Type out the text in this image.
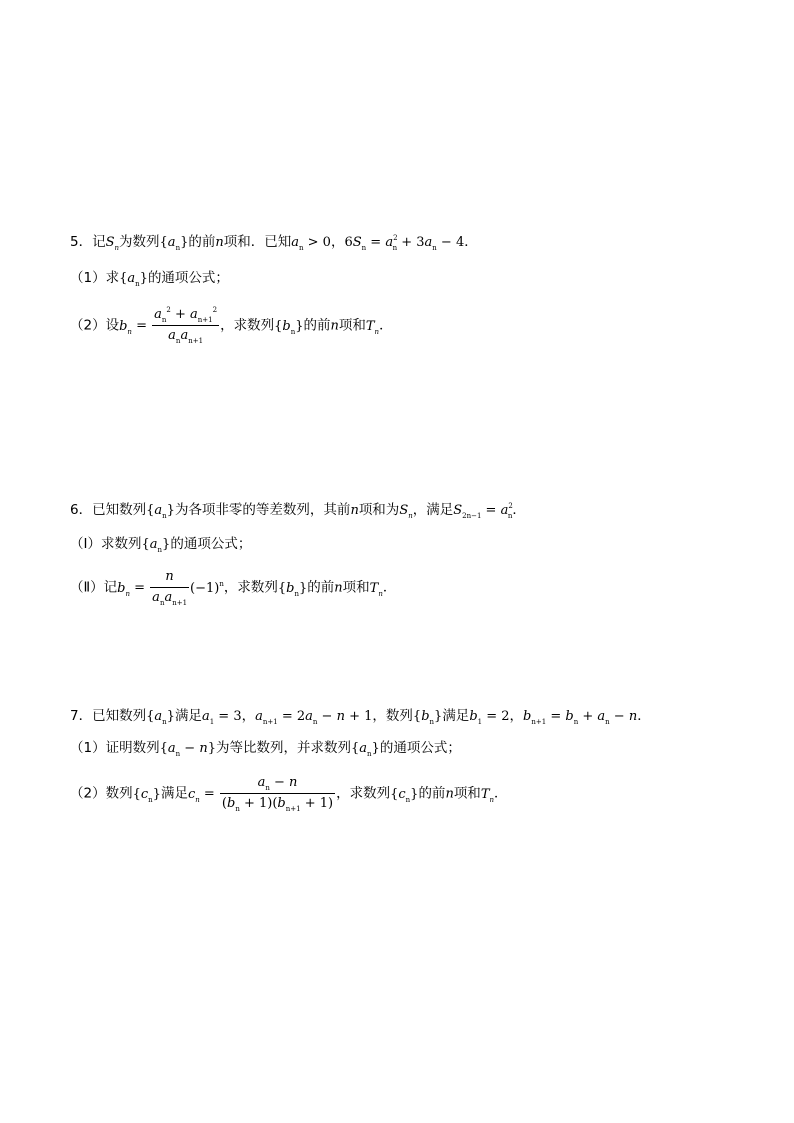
5．记$S_n$为数列$\{a_n\}$的前n项和．已知$a_n > 0$，$6S_n = a^2_n + 3a_n - 4$．
（1）求$\{a_n\}$的通项公式；
（2）设$b_n = \frac{a_n^2 + a_{n+1}^2}{a_na_{n+1}}$ ，求数列$\{b_n\}$的前n项和$T_n$．
6．已知数列$\{a_n\}$为各项非零的等差数列，其前n项和为$S_n$，满足$S_{2n-1} = a^2_n$．
（Ⅰ）求数列$\{a_n\}$的通项公式；
（Ⅱ）记$b_n = \frac{n}{a_na_{n+1}} (-1)^n$，求数列$\{b_n\}$的前n项和$T_n$．
7．已知数列$\{a_n\}$满足$a_1 = 3$，$a_{n+1} = 2a_n - n + 1$，数列$\{b_n\}$满足$b_1 = 2$，$b_{n+1} = b_n + a_n - n$．
（1）证明数列$\{a_n - n\}$为等比数列，并求数列$\{a_n\}$的通项公式；
（2）数列$\{c_n\}$满足$c_n = \frac{a_n - n}{(b_n + 1)(b_{n+1} + 1)}$ ，求数列$\{c_n\}$的前n项和$T_n$．
